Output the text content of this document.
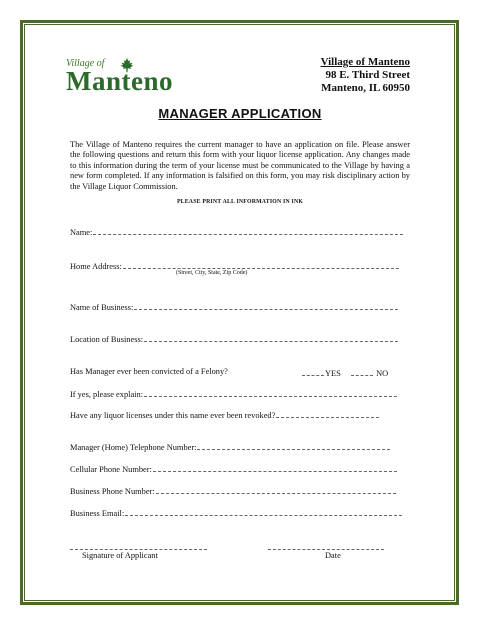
Village of
Manteno
Village of Manteno
98 E. Third Street
Manteno, IL 60950
MANAGER APPLICATION
The Village of Manteno requires the current manager to have an application on file. Please answer the following questions and return this form with your liquor license application. Any changes made to this information during the term of your license must be communicated to the Village by having a new form completed. If any information is falsified on this form, you may risk disciplinary action by the Village Liquor Commission.
PLEASE PRINT ALL INFORMATION IN INK
Name:
Home Address:
(Street, City, State, Zip Code)
Name of Business:
Location of Business:
Has Manager ever been convicted of a Felony?	YES	NO
If yes, please explain:
Have any liquor licenses under this name ever been revoked?
Manager (Home) Telephone Number:
Cellular Phone Number:
Business Phone Number:
Business Email:
Signature of Applicant	Date
